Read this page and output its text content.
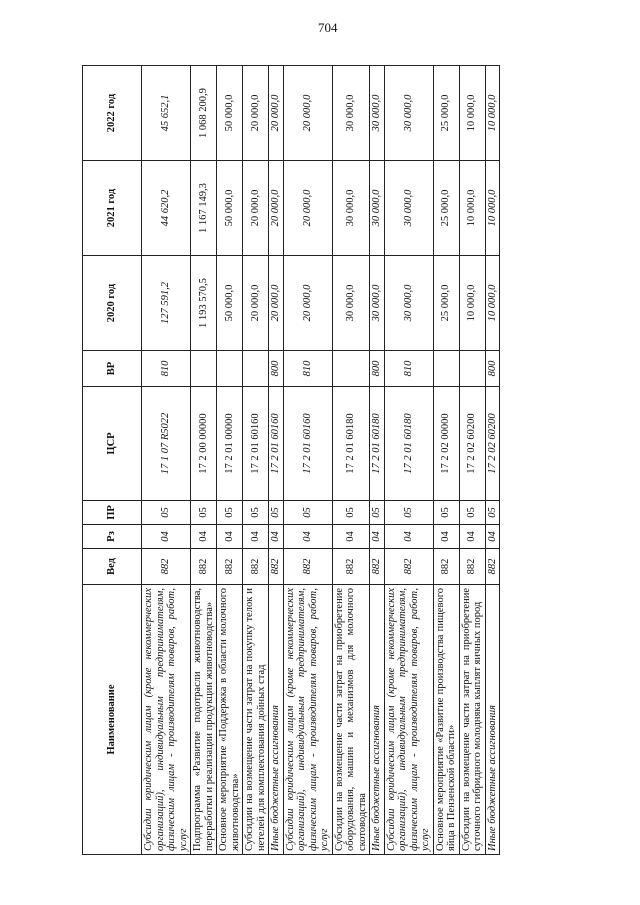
704
Наименование	Вед	Рз	ПР	ЦСР	ВР	2020 год	2021 год	2022 год
Субсидии юридическим лицам (кроме некоммерческих организаций), индивидуальным предпринимателям, физическим лицам - производителям товаров, работ, услуг	882	04	05	17 1 07 R5022	810	127 591,2	44 620,2	45 652,1
Подпрограмма «Развитие подотрасли животноводства, переработки и реализации продукции животноводства»	882	04	05	17 2 00 00000		1 193 570,5	1 167 149,3	1 068 200,9
Основное мероприятие «Поддержка в области молочного животноводства»	882	04	05	17 2 01 00000		50 000,0	50 000,0	50 000,0
Субсидии на возмещение части затрат на покупку телок и нетелей для комплектования дойных стад	882	04	05	17 2 01 60160		20 000,0	20 000,0	20 000,0
Иные бюджетные ассигнования	882	04	05	17 2 01 60160	800	20 000,0	20 000,0	20 000,0
Субсидии юридическим лицам (кроме некоммерческих организаций), индивидуальным предпринимателям, физическим лицам - производителям товаров, работ, услуг	882	04	05	17 2 01 60160	810	20 000,0	20 000,0	20 000,0
Субсидии на возмещение части затрат на приобретение оборудования, машин и механизмов для молочного скотоводства	882	04	05	17 2 01 60180		30 000,0	30 000,0	30 000,0
Иные бюджетные ассигнования	882	04	05	17 2 01 60180	800	30 000,0	30 000,0	30 000,0
Субсидии юридическим лицам (кроме некоммерческих организаций), индивидуальным предпринимателям, физическим лицам - производителям товаров, работ, услуг	882	04	05	17 2 01 60180	810	30 000,0	30 000,0	30 000,0
Основное мероприятие «Развитие производства пищевого яйца в Пензенской области»	882	04	05	17 2 02 00000		25 000,0	25 000,0	25 000,0
Субсидии на возмещение части затрат на приобретение суточного гибридного молодняка кыплят яичных пород	882	04	05	17 2 02 60200		10 000,0	10 000,0	10 000,0
Иные бюджетные ассигнования	882	04	05	17 2 02 60200	800	10 000,0	10 000,0	10 000,0
